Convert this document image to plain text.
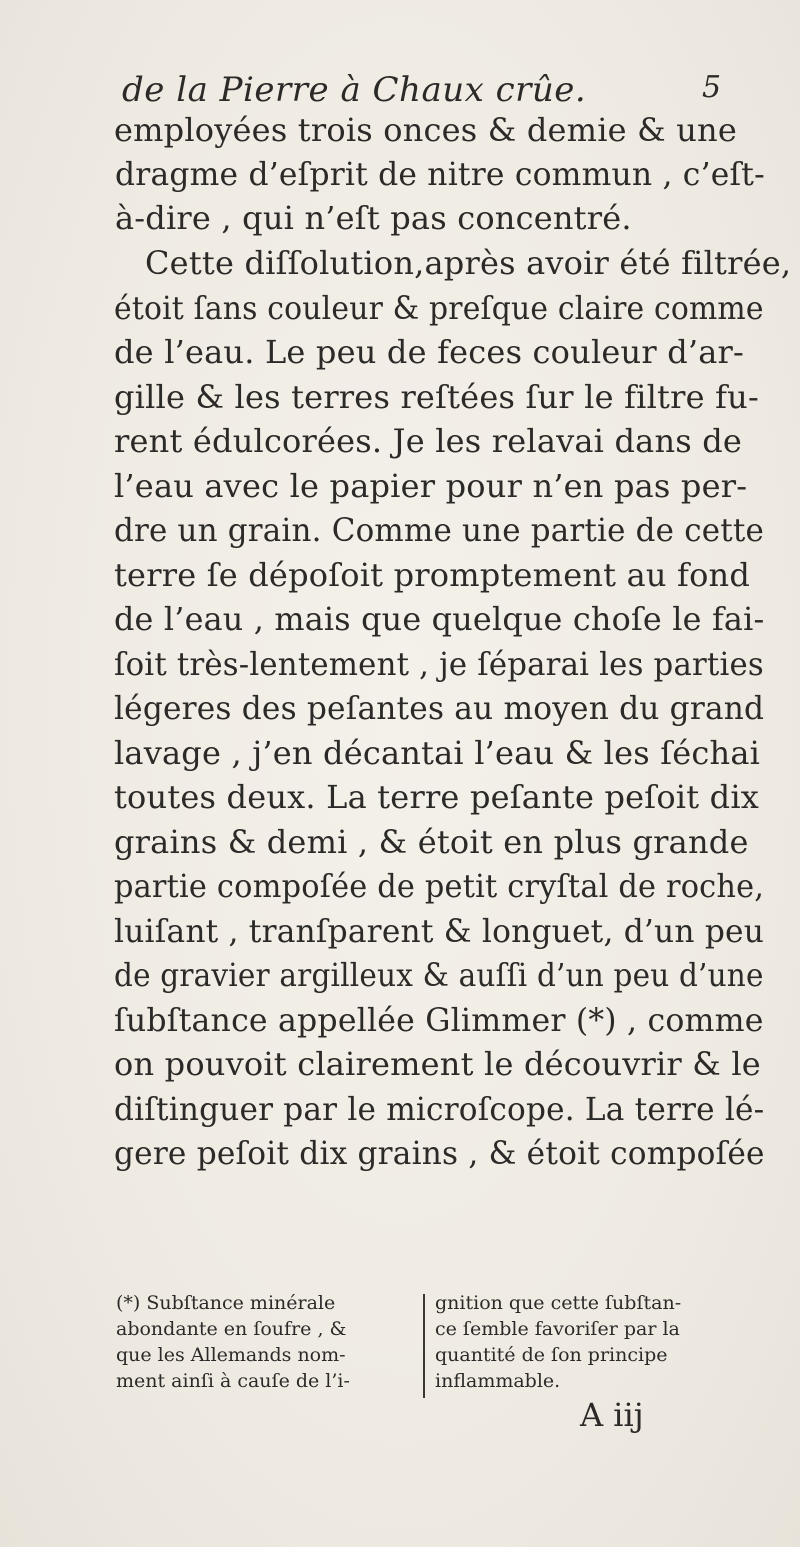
de la Pierre à Chaux crûe.	5
employées trois onces & demie & une
dragme d’eſprit de nitre commun , c’eſt-
à-dire , qui n’eſt pas concentré.
Cette diſſolution,après avoir été filtrée,
étoit ſans couleur & preſque claire comme
de l’eau. Le peu de feces couleur d’ar-
gille & les terres reſtées ſur le filtre fu-
rent édulcorées. Je les relavai dans de
l’eau avec le papier pour n’en pas per-
dre un grain. Comme une partie de cette
terre ſe dépoſoit promptement au fond
de l’eau , mais que quelque choſe le fai-
ſoit très-lentement , je ſéparai les parties
légeres des peſantes au moyen du grand
lavage , j’en décantai l’eau & les ſéchai
toutes deux. La terre peſante peſoit dix
grains & demi , & étoit en plus grande
partie compoſée de petit cryſtal de roche,
luiſant , tranſparent & longuet, d’un peu
de gravier argilleux & auſſi d’un peu d’une
ſubſtance appellée Glimmer (*) , comme
on pouvoit clairement le découvrir & le
diſtinguer par le microſcope. La terre lé-
gere peſoit dix grains , & étoit compoſée
(*) Subſtance minérale
abondante en ſoufre , &
que les Allemands nom-
ment ainſi à cauſe de l’i-
gnition que cette ſubſtan-
ce ſemble favoriſer par la
quantité de ſon principe
inflammable.
A iij
